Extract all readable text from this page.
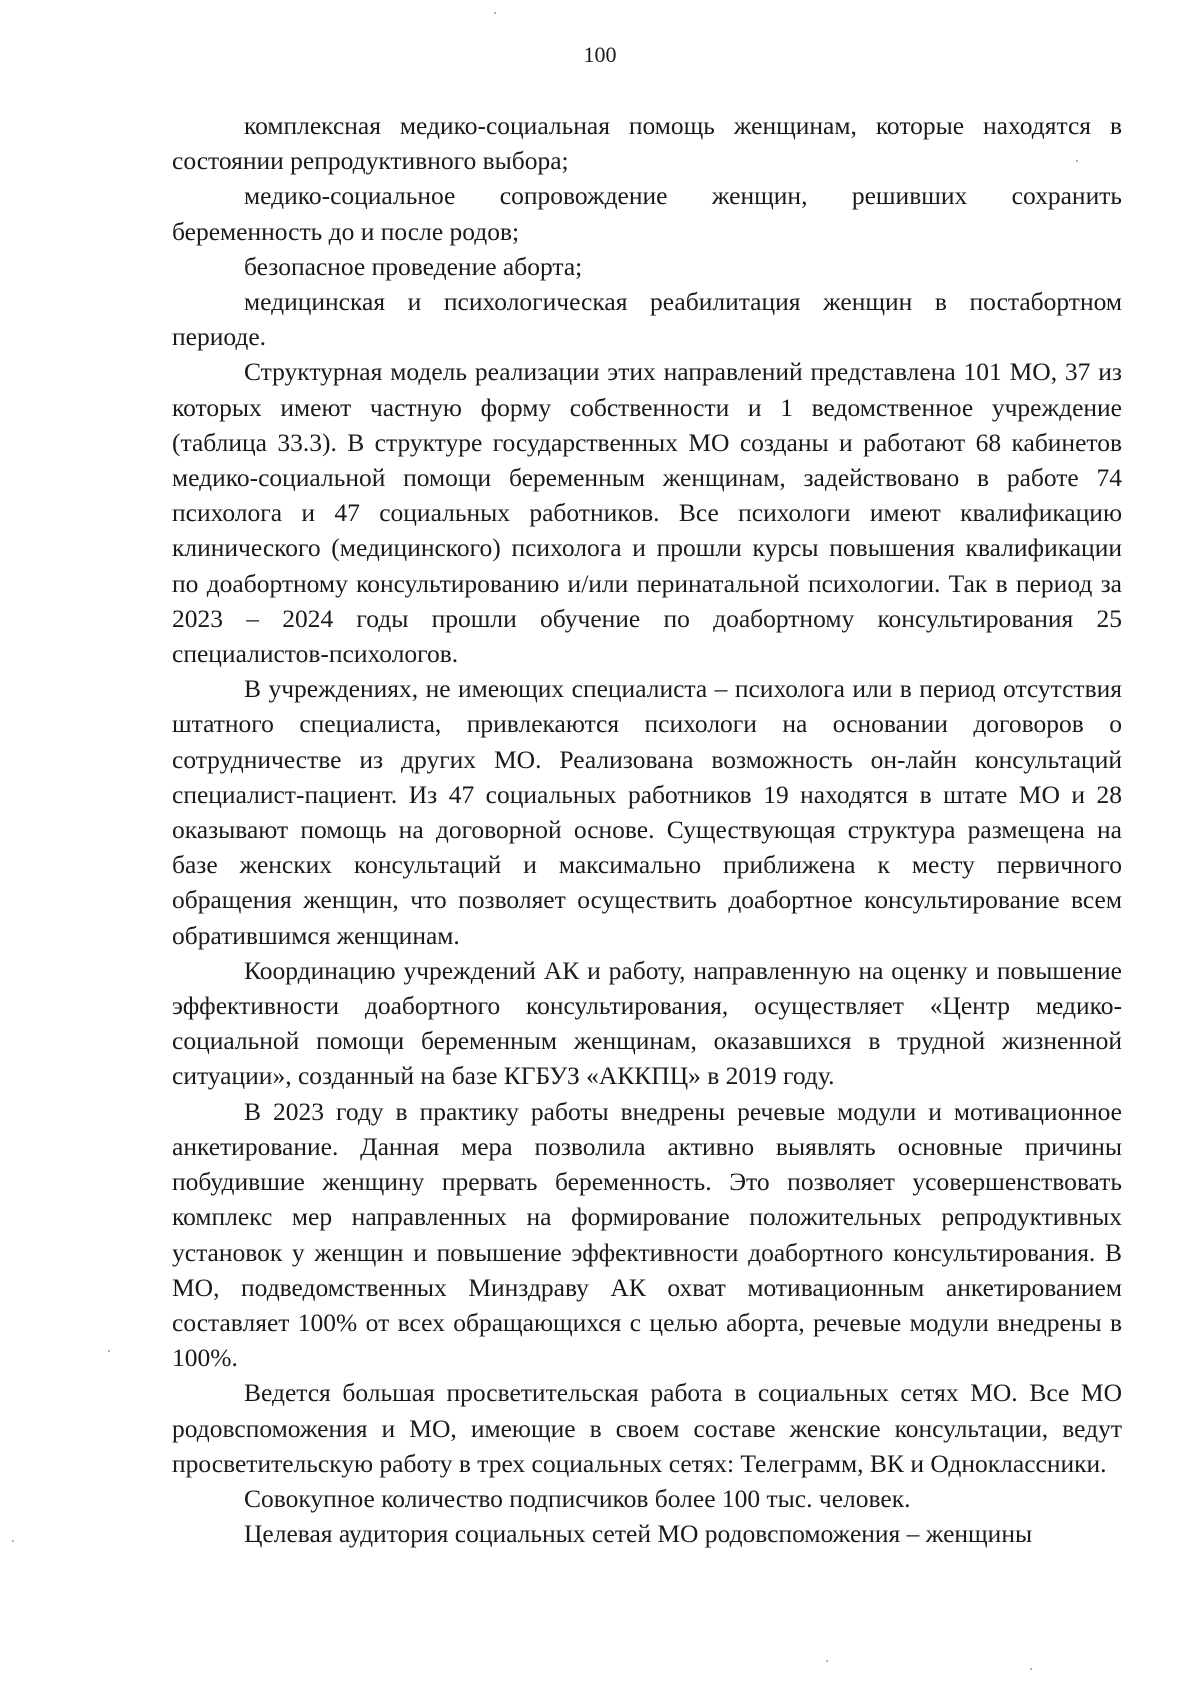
100

комплексная медико-социальная помощь женщинам, которые находятся в состоянии репродуктивного выбора;

медико-социальное сопровождение женщин, решивших сохранить беременность до и после родов;

безопасное проведение аборта;

медицинская и психологическая реабилитация женщин в постабортном периоде.

Структурная модель реализации этих направлений представлена 101 МО, 37 из которых имеют частную форму собственности и 1 ведомственное учреждение (таблица 33.3). В структуре государственных МО созданы и работают 68 кабинетов медико-социальной помощи беременным женщинам, задействовано в работе 74 психолога и 47 социальных работников. Все психологи имеют квалификацию клинического (медицинского) психолога и прошли курсы повышения квалификации по доабортному консультированию и/или перинатальной психологии. Так в период за 2023 – 2024 годы прошли обучение по доабортному консультирования 25 специалистов-психологов.

В учреждениях, не имеющих специалиста – психолога или в период отсутствия штатного специалиста, привлекаются психологи на основании договоров о сотрудничестве из других МО. Реализована возможность он-лайн консультаций специалист-пациент. Из 47 социальных работников 19 находятся в штате МО и 28 оказывают помощь на договорной основе. Существующая структура размещена на базе женских консультаций и максимально приближена к месту первичного обращения женщин, что позволяет осуществить доабортное консультирование всем обратившимся женщинам.

Координацию учреждений АК и работу, направленную на оценку и повышение эффективности доабортного консультирования, осуществляет «Центр медико-социальной помощи беременным женщинам, оказавшихся в трудной жизненной ситуации», созданный на базе КГБУЗ «АККПЦ» в 2019 году.

В 2023 году в практику работы внедрены речевые модули и мотивационное анкетирование. Данная мера позволила активно выявлять основные причины побудившие женщину прервать беременность. Это позволяет усовершенствовать комплекс мер направленных на формирование положительных репродуктивных установок у женщин и повышение эффективности доабортного консультирования. В МО, подведомственных Минздраву АК охват мотивационным анкетированием составляет 100% от всех обращающихся с целью аборта, речевые модули внедрены в 100%.

Ведется большая просветительская работа в социальных сетях МО. Все МО родовспоможения и МО, имеющие в своем составе женские консультации, ведут просветительскую работу в трех социальных сетях: Телеграмм, ВК и Одноклассники.

Совокупное количество подписчиков более 100 тыс. человек.

Целевая аудитория социальных сетей МО родовспоможения – женщины
